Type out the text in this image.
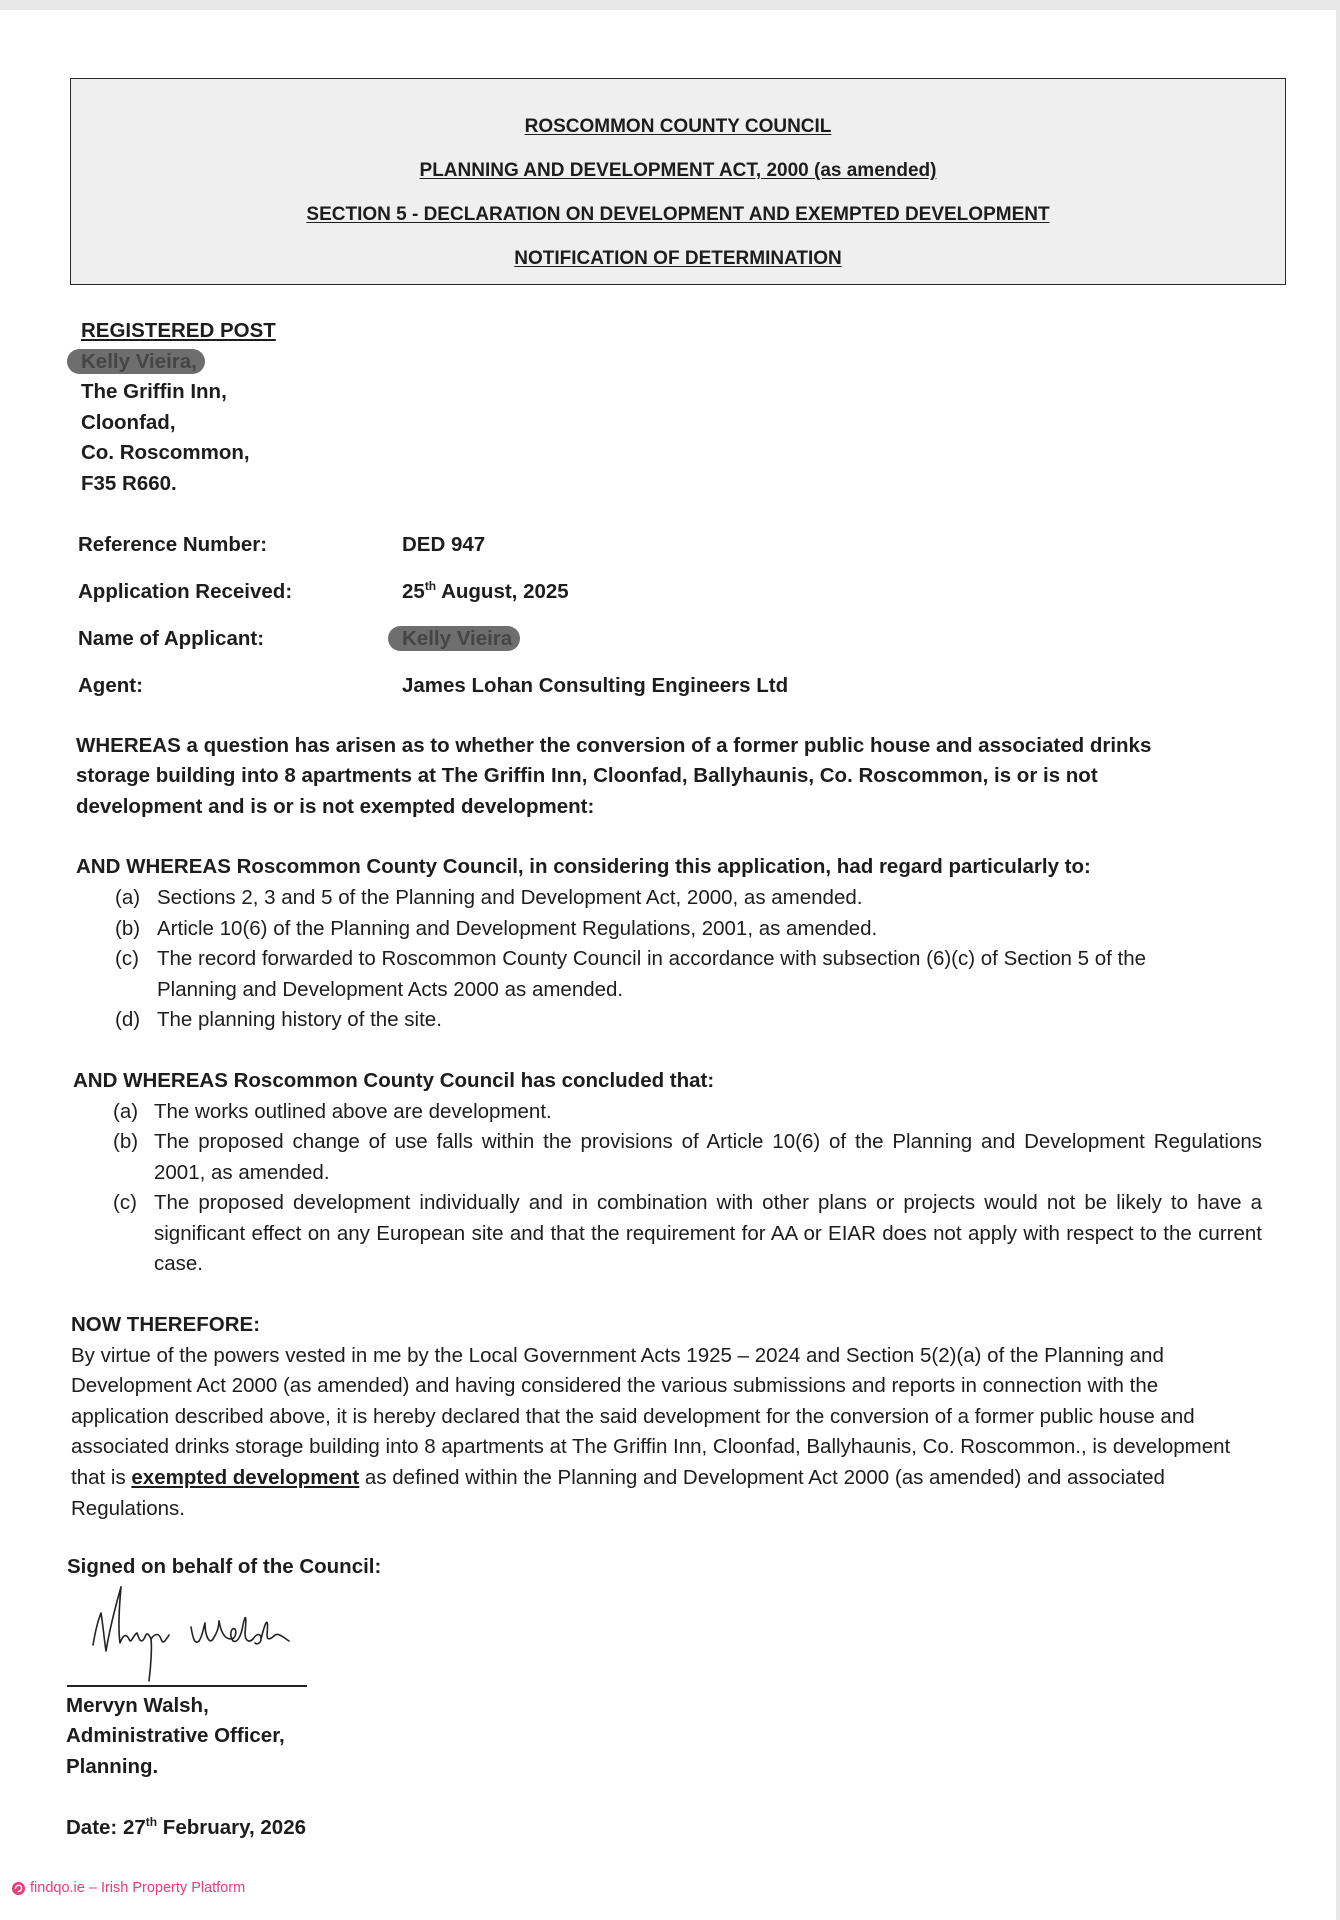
ROSCOMMON COUNTY COUNCIL
PLANNING AND DEVELOPMENT ACT, 2000 (as amended)
SECTION 5 - DECLARATION ON DEVELOPMENT AND EXEMPTED DEVELOPMENT
NOTIFICATION OF DETERMINATION
REGISTERED POST
Kelly Vieira,
The Griffin Inn,
Cloonfad,
Co. Roscommon,
F35 R660.
Reference Number:	DED 947
Application Received:	25th August, 2025
Name of Applicant:	Kelly Vieira
Agent:	James Lohan Consulting Engineers Ltd
WHEREAS a question has arisen as to whether the conversion of a former public house and associated drinks storage building into 8 apartments at The Griffin Inn, Cloonfad, Ballyhaunis, Co. Roscommon, is or is not development and is or is not exempted development:
AND WHEREAS Roscommon County Council, in considering this application, had regard particularly to:
(a) Sections 2, 3 and 5 of the Planning and Development Act, 2000, as amended.
(b) Article 10(6) of the Planning and Development Regulations, 2001, as amended.
(c) The record forwarded to Roscommon County Council in accordance with subsection (6)(c) of Section 5 of the Planning and Development Acts 2000 as amended.
(d) The planning history of the site.
AND WHEREAS Roscommon County Council has concluded that:
(a) The works outlined above are development.
(b) The proposed change of use falls within the provisions of Article 10(6) of the Planning and Development Regulations 2001, as amended.
(c) The proposed development individually and in combination with other plans or projects would not be likely to have a significant effect on any European site and that the requirement for AA or EIAR does not apply with respect to the current case.
NOW THEREFORE:
By virtue of the powers vested in me by the Local Government Acts 1925 – 2024 and Section 5(2)(a) of the Planning and Development Act 2000 (as amended) and having considered the various submissions and reports in connection with the application described above, it is hereby declared that the said development for the conversion of a former public house and associated drinks storage building into 8 apartments at The Griffin Inn, Cloonfad, Ballyhaunis, Co. Roscommon., is development that is exempted development as defined within the Planning and Development Act 2000 (as amended) and associated Regulations.
Signed on behalf of the Council:
Mervyn Walsh,
Administrative Officer,
Planning.
Date: 27th February, 2026
findqo.ie – Irish Property Platform
